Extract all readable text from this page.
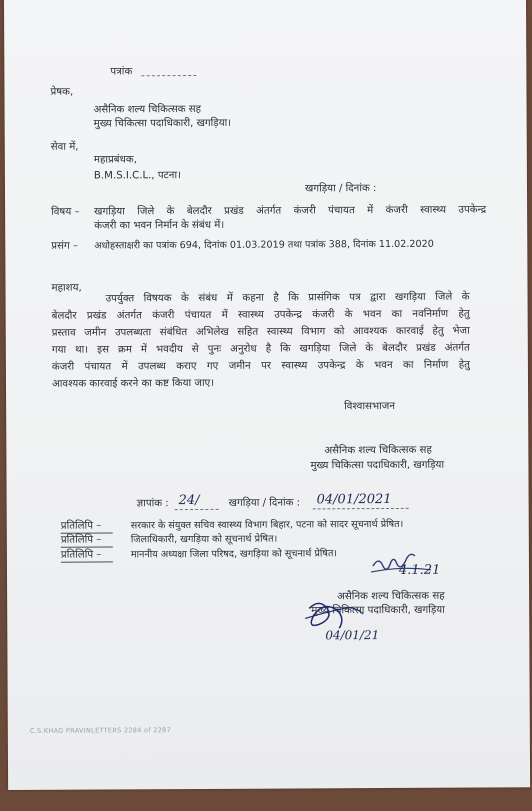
पत्रांक
प्रेषक,
असैनिक शल्य चिकित्सक सह
मुख्य चिकित्सा पदाधिकारी, खगड़िया।
सेवा में,
महाप्रबंधक,
B.M.S.I.C.L., पटना।
खगड़िया / दिनांक :
विषय – खगड़िया जिले के बेलदौर प्रखंड अंतर्गत कंजरी पंचायत में कंजरी स्वास्थ्य उपकेन्द्र
कंजरी का भवन निर्मान के संबंध में।
प्रसंग – अधोहस्ताक्षरी का पत्रांक 694, दिनांक 01.03.2019 तथा पत्रांक 388, दिनांक 11.02.2020
महाशय,
उपर्युक्त विषयक के संबंध में कहना है कि प्रासंगिक पत्र द्वारा खगड़िया जिले के
बेलदौर प्रखंड अंतर्गत कंजरी पंचायत में स्वास्थ्य उपकेन्द्र कंजरी के भवन का नवनिर्माण हेतु
प्रस्ताव जमीन उपलब्धता संबंधित अभिलेख सहित स्वास्थ्य विभाग को आवश्यक कारवाई हेतु भेजा
गया था। इस क्रम में भवदीय से पुनः अनुरोध है कि खगड़िया जिले के बेलदौर प्रखंड अंतर्गत
कंजरी पंचायत में उपलब्ध कराए गए जमीन पर स्वास्थ्य उपकेन्द्र के भवन का निर्माण हेतु
आवश्यक कारवाई करने का कष्ट किया जाए।
विश्वासभाजन
असैनिक शल्य चिकित्सक सह
मुख्य चिकित्सा पदाधिकारी, खगड़िया
ज्ञापांक : 24/	खगड़िया / दिनांक : 04/01/2021
प्रतिलिपि –	सरकार के संयुक्त सचिव स्वास्थ्य विभाग बिहार, पटना को सादर सूचनार्थ प्रेषित।
प्रतिलिपि –	जिलाधिकारी, खगड़िया को सूचनार्थ प्रेषित।
प्रतिलिपि –	माननीय अध्यक्षा जिला परिषद, खगड़िया को सूचनार्थ प्रेषित।
4.1.21
असैनिक शल्य चिकित्सक सह
मुख्य चिकित्सा पदाधिकारी, खगड़िया
04/01/21
C.S.KHAG PRAVINLETTERS 2284 of 2287
